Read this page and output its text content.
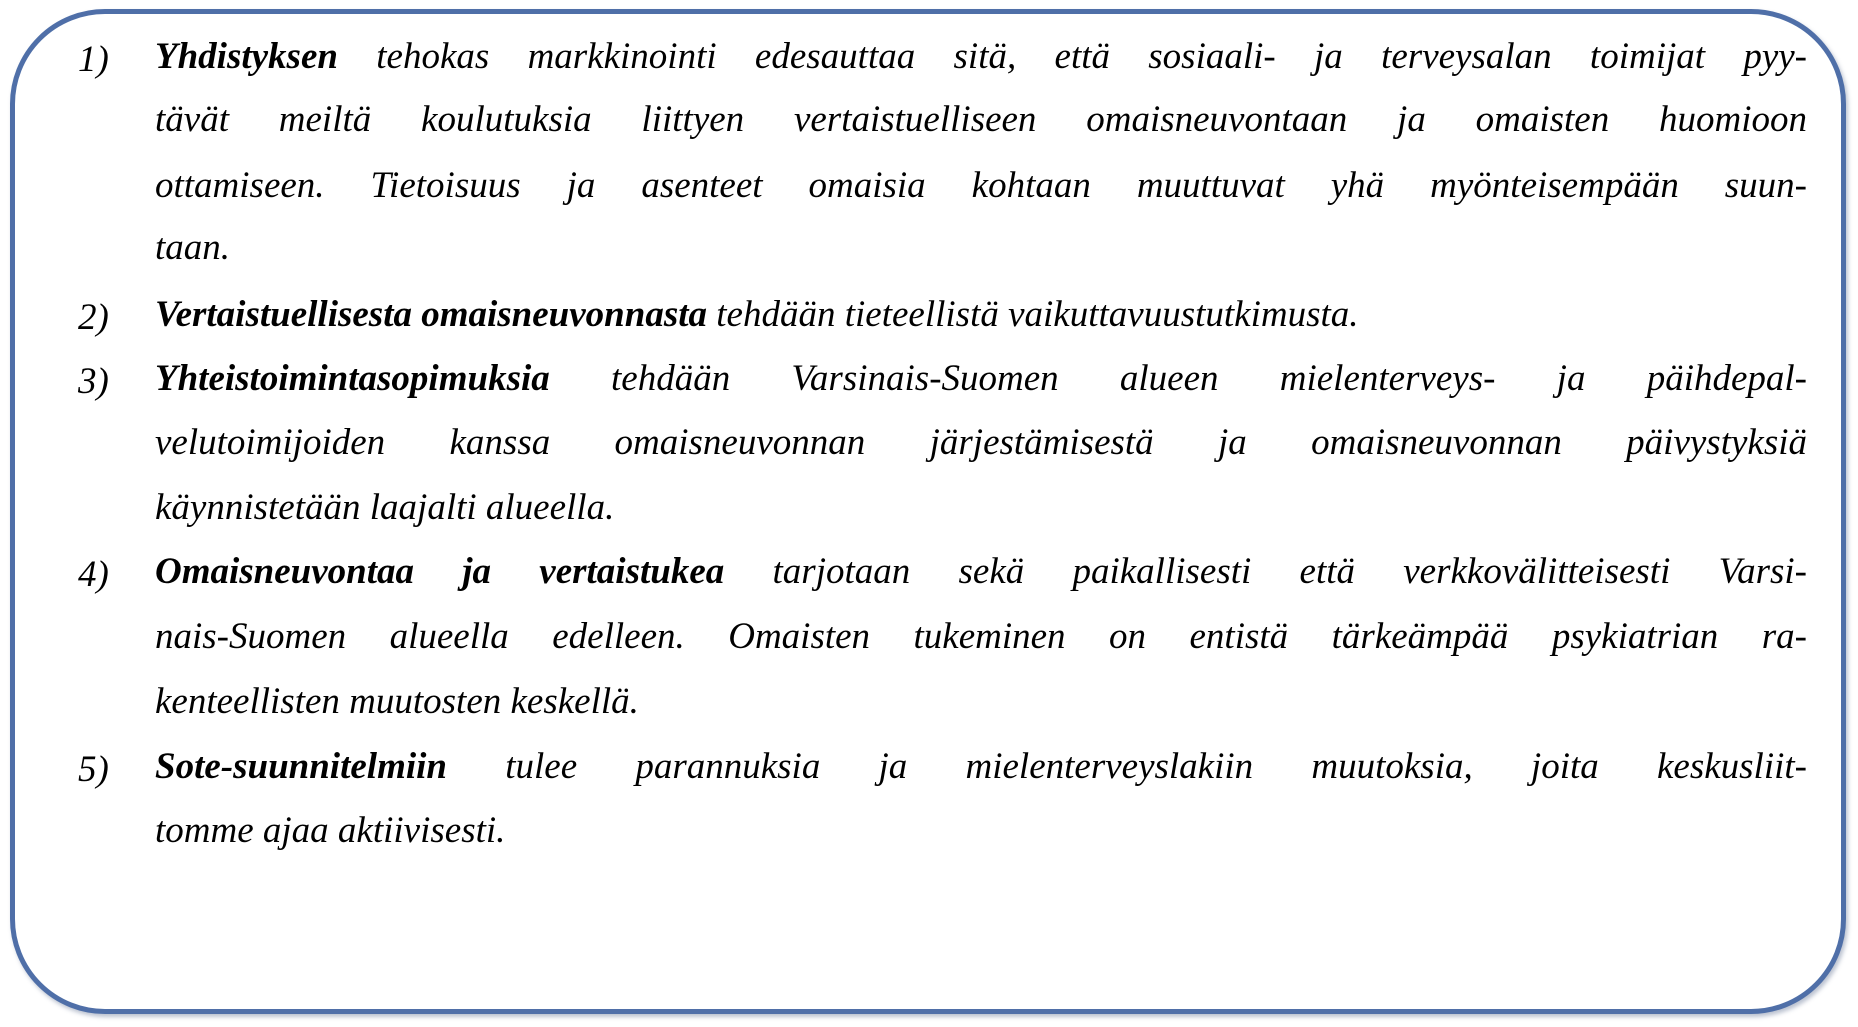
1) Yhdistyksen tehokas markkinointi edesauttaa sitä, että sosiaali- ja terveysalan toimijat pyy-
tävät meiltä koulutuksia liittyen vertaistuelliseen omaisneuvontaan ja omaisten huomioon
ottamiseen. Tietoisuus ja asenteet omaisia kohtaan muuttuvat yhä myönteisempään suun-
taan.
2) Vertaistuellisesta omaisneuvonnasta tehdään tieteellistä vaikuttavuustutkimusta.
3) Yhteistoimintasopimuksia tehdään Varsinais-Suomen alueen mielenterveys- ja päihdepal-
velutoimijoiden kanssa omaisneuvonnan järjestämisestä ja omaisneuvonnan päivystyksiä
käynnistetään laajalti alueella.
4) Omaisneuvontaa ja vertaistukea tarjotaan sekä paikallisesti että verkkovälitteisesti Varsi-
nais-Suomen alueella edelleen. Omaisten tukeminen on entistä tärkeämpää psykiatrian ra-
kenteellisten muutosten keskellä.
5) Sote-suunnitelmiin tulee parannuksia ja mielenterveyslakiin muutoksia, joita keskusliit-
tomme ajaa aktiivisesti.
